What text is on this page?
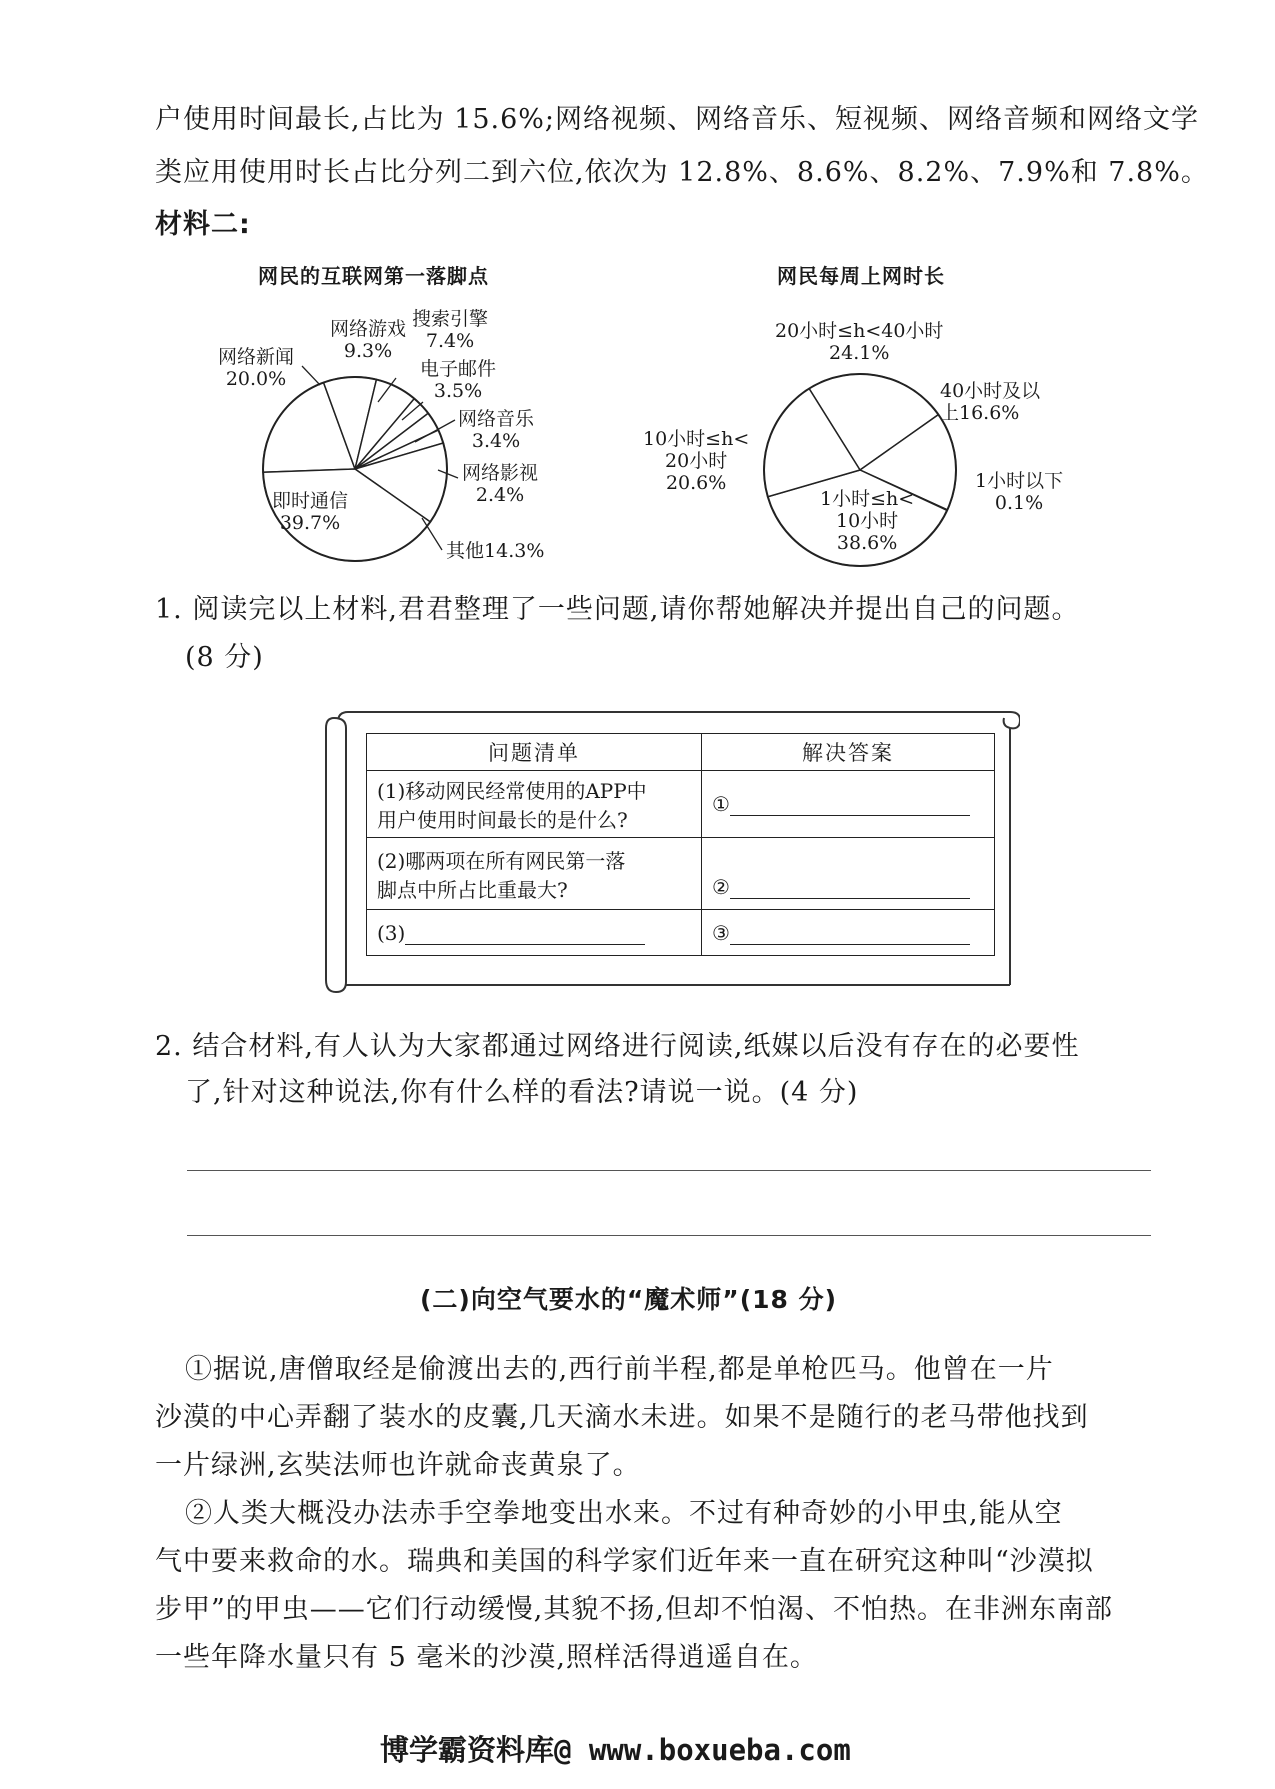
户使用时间最长,占比为 15.6%;网络视频、网络音乐、短视频、网络音频和网络文学
类应用使用时长占比分列二到六位,依次为 12.8%、8.6%、8.2%、7.9%和 7.8%。
材料二:
网民的互联网第一落脚点
网络新闻
20.0%
网络游戏
9.3%
搜索引擎
7.4%
电子邮件
3.5%
网络音乐
3.4%
网络影视
2.4%
即时通信
39.7%
其他14.3%
网民每周上网时长
20小时≤h<40小时
24.1%
40小时及以
上16.6%
1小时以下
0.1%
1小时≤h<
10小时
38.6%
10小时≤h<
20小时
20.6%
1. 阅读完以上材料,君君整理了一些问题,请你帮她解决并提出自己的问题。
(8 分)
问题清单	解决答案
(1)移动网民经常使用的APP中
用户使用时间最长的是什么?	①
(2)哪两项在所有网民第一落
脚点中所占比重最大?	②
(3)	③
2. 结合材料,有人认为大家都通过网络进行阅读,纸媒以后没有存在的必要性
了,针对这种说法,你有什么样的看法?请说一说。(4 分)
(二)向空气要水的“魔术师”(18 分)
①据说,唐僧取经是偷渡出去的,西行前半程,都是单枪匹马。他曾在一片
沙漠的中心弄翻了装水的皮囊,几天滴水未进。如果不是随行的老马带他找到
一片绿洲,玄奘法师也许就命丧黄泉了。
②人类大概没办法赤手空拳地变出水来。不过有种奇妙的小甲虫,能从空
气中要来救命的水。瑞典和美国的科学家们近年来一直在研究这种叫“沙漠拟
步甲”的甲虫——它们行动缓慢,其貌不扬,但却不怕渴、不怕热。在非洲东南部
一些年降水量只有 5 毫米的沙漠,照样活得逍遥自在。
博学霸资料库@ www.boxueba.com
